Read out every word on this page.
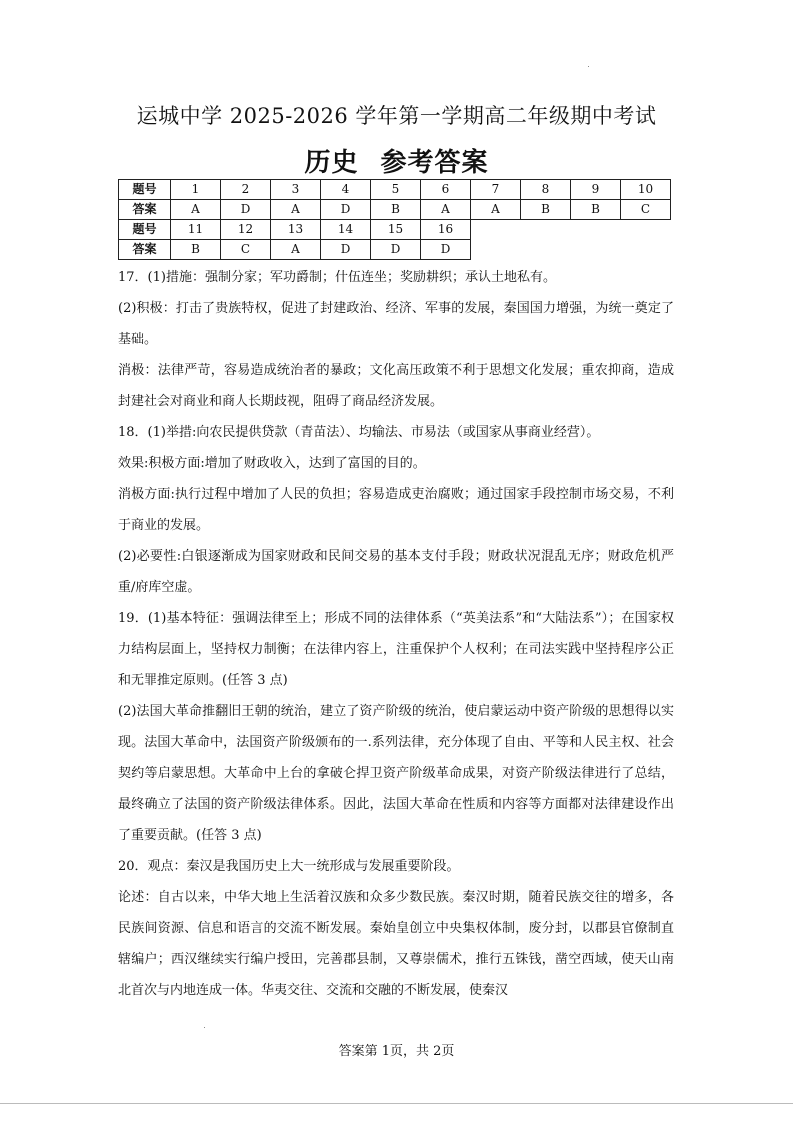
运城中学 2025-2026 学年第一学期高二年级期中考试
历史 参考答案
题号	1	2	3	4	5	6	7	8	9	10
答案	A	D	A	D	B	A	A	B	B	C
题号	11	12	13	14	15	16				
答案	B	C	A	D	D	D				

17．(1)措施：强制分家；军功爵制；什伍连坐；奖励耕织；承认土地私有。

(2)积极：打击了贵族特权，促进了封建政治、经济、军事的发展，秦国国力增强，为统一奠定了基础。

消极：法律严苛，容易造成统治者的暴政；文化高压政策不利于思想文化发展；重农抑商，造成封建社会对商业和商人长期歧视，阻碍了商品经济发展。

18．(1)举措:向农民提供贷款（青苗法）、均输法、市易法（或国家从事商业经营）。

效果:积极方面:增加了财政收入，达到了富国的目的。

消极方面:执行过程中增加了人民的负担；容易造成吏治腐败；通过国家手段控制市场交易，不利于商业的发展。

(2)必要性:白银逐渐成为国家财政和民间交易的基本支付手段；财政状况混乱无序；财政危机严重/府库空虚。

19．(1)基本特征：强调法律至上；形成不同的法律体系（“英美法系”和“大陆法系”）；在国家权力结构层面上，坚持权力制衡；在法律内容上，注重保护个人权利；在司法实践中坚持程序公正和无罪推定原则。(任答 3 点)

(2)法国大革命推翻旧王朝的统治，建立了资产阶级的统治，使启蒙运动中资产阶级的思想得以实现。法国大革命中，法国资产阶级颁布的一.系列法律，充分体现了自由、平等和人民主权、社会契约等启蒙思想。大革命中上台的拿破仑捍卫资产阶级革命成果，对资产阶级法律进行了总结，最终确立了法国的资产阶级法律体系。因此，法国大革命在性质和内容等方面都对法律建设作出了重要贡献。(任答 3 点)

20．观点：秦汉是我国历史上大一统形成与发展重要阶段。

论述：自古以来，中华大地上生活着汉族和众多少数民族。秦汉时期，随着民族交往的增多，各民族间资源、信息和语言的交流不断发展。秦始皇创立中央集权体制，废分封，以郡县官僚制直辖编户；西汉继续实行编户授田，完善郡县制，又尊崇儒术，推行五铢钱，凿空西域，使天山南北首次与内地连成一体。华夷交往、交流和交融的不断发展，使秦汉

答案第 1页，共 2页
